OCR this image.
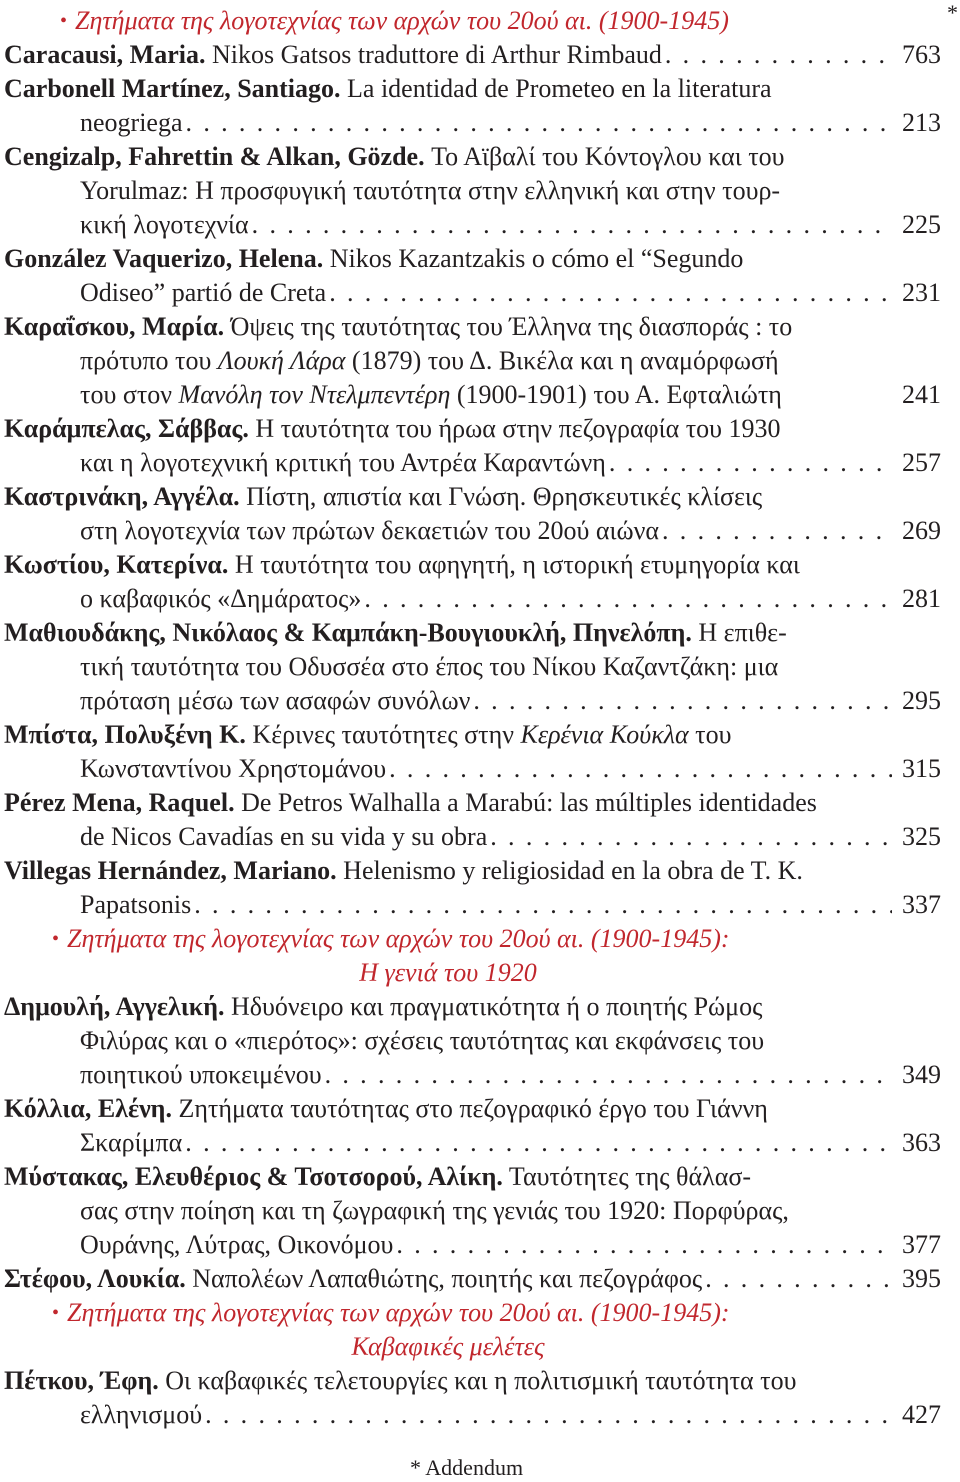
• Ζητήματα της λογοτεχνίας των αρχών του 20ού αι. (1900-1945)
Caracausi, Maria. Nikos Gatsos traduttore di Arthur Rimbaud
. . .
Carbonell Martínez, Santiago. La identidad de Prometeo en la literatura
neogriega
. . .
Cengizalp, Fahrettin & Alkan, Gözde. Το Αϊβαλί του Κόντογλου και του
Yorulmaz: Η προσφυγική ταυτότητα στην ελληνική και στην τουρ-
κική λογοτεχνία
. . .
González Vaquerizo, Helena. Nikos Kazantzakis o cómo el “Segundo
Odiseo” partió de Creta
. . .
Καραΐσκου, Μαρία. Όψεις της ταυτότητας του Έλληνα της διασποράς : το
πρότυπο του Λουκή Λάρα (1879) του Δ. Βικέλα και η αναμόρφωσή
του στον Μανόλη τον Ντελμπεντέρη (1900-1901) του Α. Εφταλιώτη
Καράμπελας, Σάββας. Η ταυτότητα του ήρωα στην πεζογραφία του 1930
και η λογοτεχνική κριτική του Αντρέα Καραντώνη
. . .
Καστρινάκη, Αγγέλα. Πίστη, απιστία και Γνώση. Θρησκευτικές κλίσεις
στη λογοτεχνία των πρώτων δεκαετιών του 20ού αιώνα
. . .
Κωστίου, Κατερίνα. Η ταυτότητα του αφηγητή, η ιστορική ετυμηγορία και
ο καβαφικός «Δημάρατος»
. . .
Μαθιουδάκης, Νικόλαος & Καμπάκη-Βουγιουκλή, Πηνελόπη. Η επιθε-
τική ταυτότητα του Οδυσσέα στο έπος του Νίκου Καζαντζάκη: μια
πρόταση μέσω των ασαφών συνόλων
. . .
Μπίστα, Πολυξένη Κ. Κέρινες ταυτότητες στην Κερένια Κούκλα του
Κωνσταντίνου Χρηστομάνου
. . .
Pérez Mena, Raquel. De Petros Walhalla a Marabú: las múltiples identidades
de Nicos Cavadías en su vida y su obra
. . .
Villegas Hernández, Mariano. Helenismo y religiosidad en la obra de T. K.
Papatsonis
. . .
• Ζητήματα της λογοτεχνίας των αρχών του 20ού αι. (1900-1945):
Η γενιά του 1920
Δημουλή, Αγγελική. Ηδυόνειρο και πραγματικότητα ή ο ποιητής Ρώμος
Φιλύρας και ο «πιερότος»: σχέσεις ταυτότητας και εκφάνσεις του
ποιητικού υποκειμένου
. . .
Κόλλια, Ελένη. Ζητήματα ταυτότητας στο πεζογραφικό έργο του Γιάννη
Σκαρίμπα
. . .
Μύστακας, Ελευθέριος & Τσοτσορού, Αλίκη. Ταυτότητες της θάλασ-
σας στην ποίηση και τη ζωγραφική της γενιάς του 1920: Πορφύρας,
Ουράνης, Λύτρας, Οικονόμου
. . .
Στέφου, Λουκία. Ναπολέων Λαπαθιώτης, ποιητής και πεζογράφος
. . .
• Ζητήματα της λογοτεχνίας των αρχών του 20ού αι. (1900-1945):
Καβαφικές μελέτες
Πέτκου, Έφη. Οι καβαφικές τελετουργίες και η πολιτισμική ταυτότητα του
ελληνισμού
. . .
763
213
225
231
241
257
269
281
295
315
325
337
349
363
377
395
427
*
* Addendum
